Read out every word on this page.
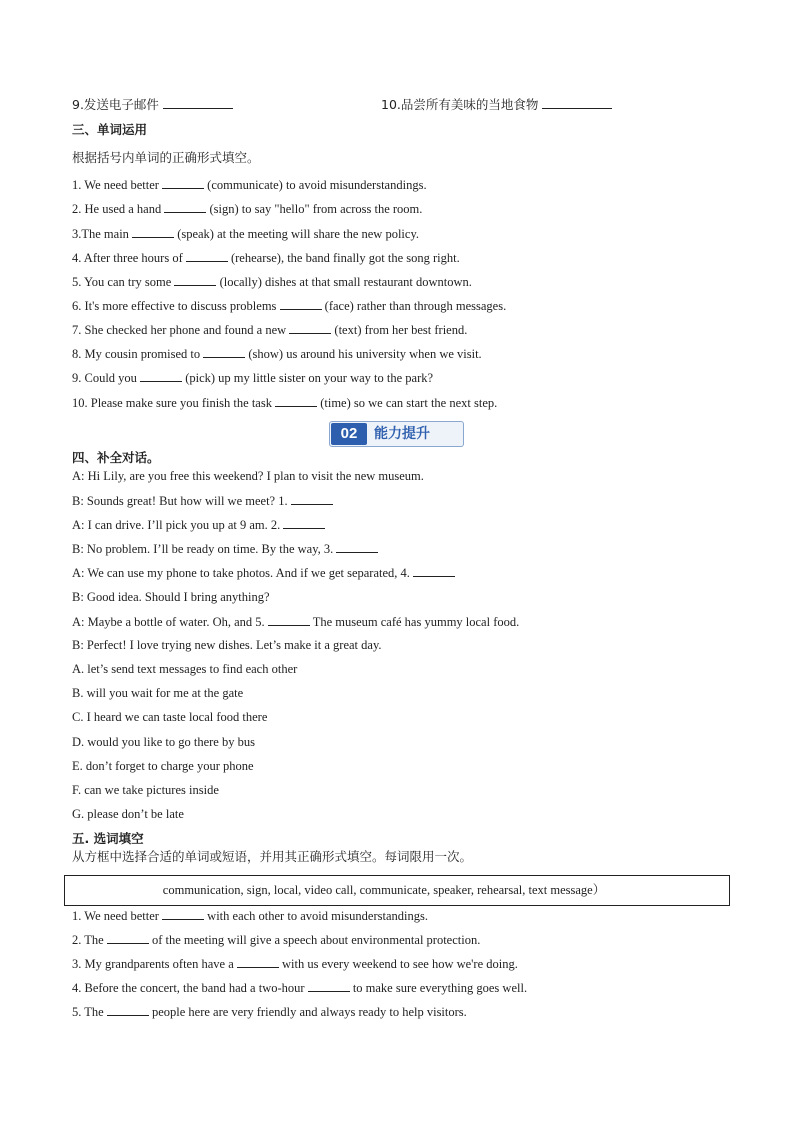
9.发送电子邮件	10.品尝所有美味的当地食物
三、单词运用
根据括号内单词的正确形式填空。
1. We need better	(communicate) to avoid misunderstandings.
2. He used a hand	(sign) to say "hello" from across the room.
3.The main	(speak) at the meeting will share the new policy.
4. After three hours of	(rehearse), the band finally got the song right.
5. You can try some	(locally) dishes at that small restaurant downtown.
6. It's more effective to discuss problems	(face) rather than through messages.
7. She checked her phone and found a new	(text) from her best friend.
8. My cousin promised to	(show) us around his university when we visit.
9. Could you	(pick) up my little sister on your way to the park?
10. Please make sure you finish the task	(time) so we can start the next step.
02	能力提升
四、补全对话。
A: Hi Lily, are you free this weekend? I plan to visit the new museum.
B: Sounds great! But how will we meet? 1.
A: I can drive. I’ll pick you up at 9 am. 2.
B: No problem. I’ll be ready on time. By the way, 3.
A: We can use my phone to take photos. And if we get separated, 4.
B: Good idea. Should I bring anything?
A: Maybe a bottle of water. Oh, and 5.	The museum café has yummy local food.
B: Perfect! I love trying new dishes. Let’s make it a great day.
A. let’s send text messages to find each other
B. will you wait for me at the gate
C. I heard we can taste local food there
D. would you like to go there by bus
E. don’t forget to charge your phone
F. can we take pictures inside
G. please don’t be late
五. 选词填空
从方框中选择合适的单词或短语，并用其正确形式填空。每词限用一次。
communication, sign, local, video call, communicate, speaker, rehearsal, text message）
1. We need better	with each other to avoid misunderstandings.
2. The	of the meeting will give a speech about environmental protection.
3. My grandparents often have a	with us every weekend to see how we're doing.
4. Before the concert, the band had a two-hour	to make sure everything goes well.
5. The	people here are very friendly and always ready to help visitors.
